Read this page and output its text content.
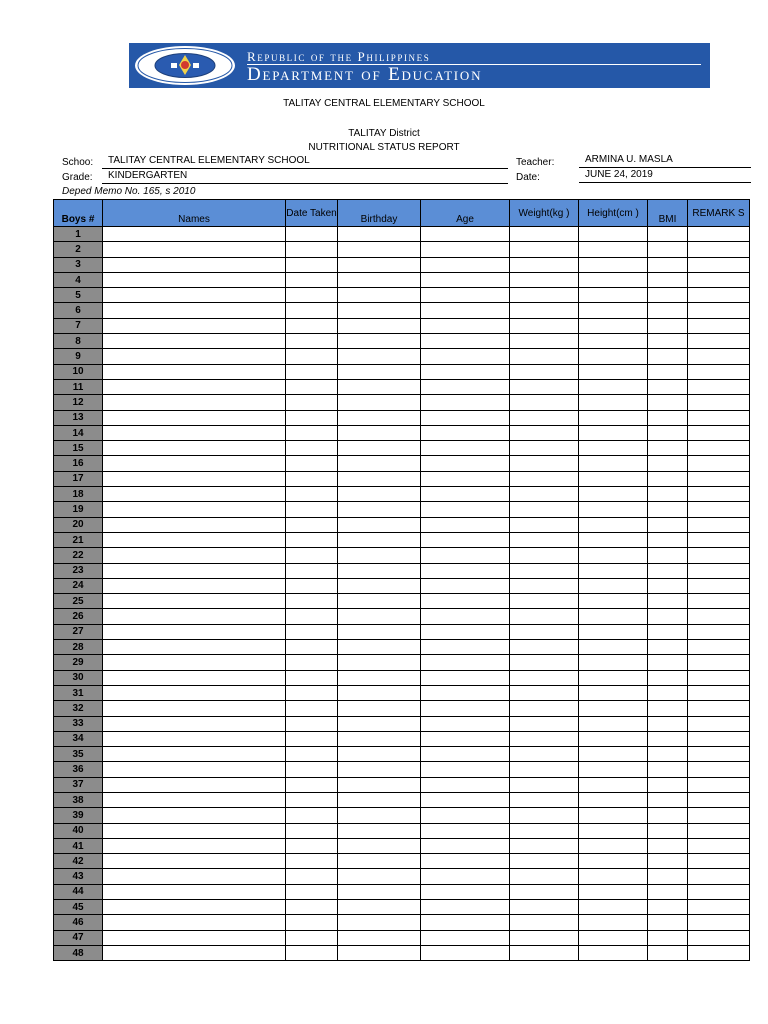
Republic of the Philippines
Department of Education
TALITAY CENTRAL ELEMENTARY SCHOOL
TALITAY District
NUTRITIONAL STATUS REPORT
Schoo:	TALITAY CENTRAL ELEMENTARY SCHOOL
Grade:	KINDERGARTEN
Teacher:	ARMINA U. MASLA
Date:	JUNE 24, 2019
Deped Memo No. 165, s 2010
Boys #	Names	Date Taken	Birthday	Age	Weight(kg )	Height(cm )	BMI	REMARK S
1								
2								
3								
4								
5								
6								
7								
8								
9								
10								
11								
12								
13								
14								
15								
16								
17								
18								
19								
20								
21								
22								
23								
24								
25								
26								
27								
28								
29								
30								
31								
32								
33								
34								
35								
36								
37								
38								
39								
40								
41								
42								
43								
44								
45								
46								
47								
48								
